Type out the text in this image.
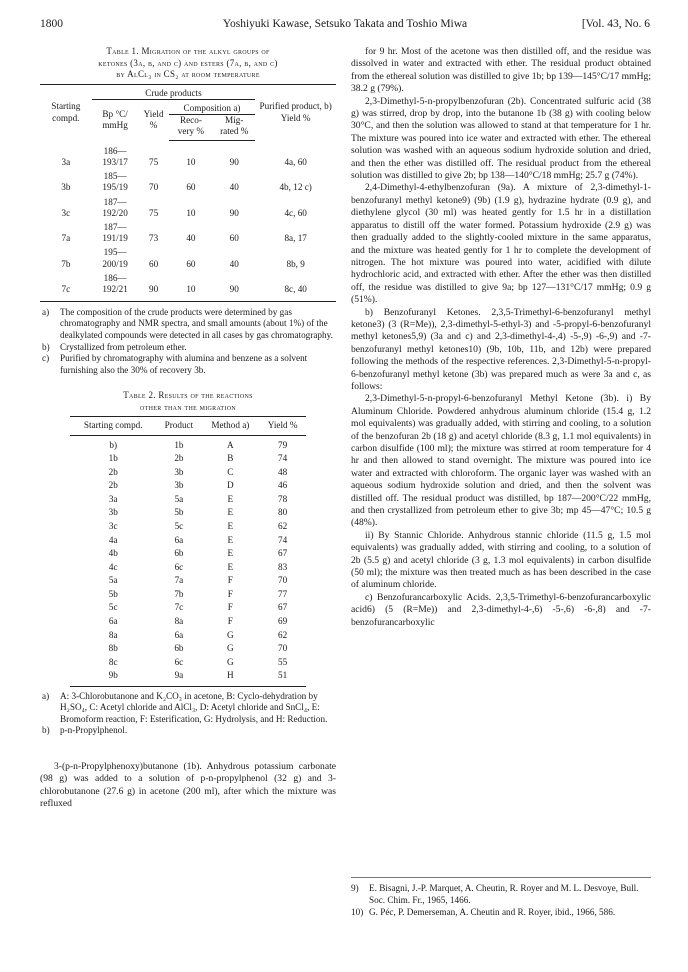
1800	Yoshiyuki Kawase, Setsuko Takata and Toshio Miwa	[Vol. 43, No. 6
Table 1. Migration of the alkyl groups of
ketones (3a, b, and c) and esters (7a, b, and c)
by AlCl₃ in CS₂ at room temperature
Starting compd.	Crude products				Purified product, b) Yield %
	Bp °C/ mmHg	Yield %	Composition a)		
			Reco- very %	Mig- rated %	
3a	186—193/17	75	10	90	4a, 60
3b	185—195/19	70	60	40	4b, 12 c)
3c	187—192/20	75	10	90	4c, 60
7a	187—191/19	73	40	60	8a, 17
7b	195—200/19	60	60	40	8b, 9
7c	186—192/21	90	10	90	8c, 40
a) The composition of the crude products were determined by gas chromatography and NMR spectra, and small amounts (about 1%) of the dealkylated compounds were detected in all cases by gas chromatography.
b) Crystallized from petroleum ether.
c) Purified by chromatography with alumina and benzene as a solvent furnishing also the 30% of recovery 3b.
Table 2. Results of the reactions
other than the migration
Starting compd.	Product	Method a)	Yield %
b)	1b	A	79
1b	2b	B	74
2b	3b	C	48
2b	3b	D	46
3a	5a	E	78
3b	5b	E	80
3c	5c	E	62
4a	6a	E	74
4b	6b	E	67
4c	6c	E	83
5a	7a	F	70
5b	7b	F	77
5c	7c	F	67
6a	8a	F	69
8a	6a	G	62
8b	6b	G	70
8c	6c	G	55
9b	9a	H	51
a) A: 3-Chlorobutanone and K₂CO₃ in acetone, B: Cyclo-dehydration by H₂SO₄, C: Acetyl chloride and AlCl₃, D: Acetyl chloride and SnCl₄, E: Bromoform reaction, F: Esterification, G: Hydrolysis, and H: Reduction.
b) p-n-Propylphenol.

3-(p-n-Propylphenoxy)butanone (1b). Anhydrous potassium carbonate (98 g) was added to a solution of p-n-propylphenol (32 g) and 3-chlorobutanone (27.6 g) in acetone (200 ml), after which the mixture was refluxed

for 9 hr. Most of the acetone was then distilled off, and the residue was dissolved in water and extracted with ether. The residual product obtained from the ethereal solution was distilled to give 1b; bp 139—145°C/17 mmHg; 38.2 g (79%).

2,3-Dimethyl-5-n-propylbenzofuran (2b). Concentrated sulfuric acid (38 g) was stirred, drop by drop, into the butanone 1b (38 g) with cooling below 30°C, and then the solution was allowed to stand at that temperature for 1 hr. The mixture was poured into ice water and extracted with ether. The ethereal solution was washed with an aqueous sodium hydroxide solution and dried, and then the ether was distilled off. The residual product from the ethereal solution was distilled to give 2b; bp 138—140°C/18 mmHg; 25.7 g (74%).

2,4-Dimethyl-4-ethylbenzofuran (9a). A mixture of 2,3-dimethyl-1-benzofuranyl methyl ketone9) (9b) (1.9 g), hydrazine hydrate (0.9 g), and diethylene glycol (30 ml) was heated gently for 1.5 hr in a distillation apparatus to distill off the water formed. Potassium hydroxide (2.9 g) was then gradually added to the slightly-cooled mixture in the same apparatus, and the mixture was heated gently for 1 hr to complete the development of nitrogen. The hot mixture was poured into water, acidified with dilute hydrochloric acid, and extracted with ether. After the ether was then distilled off, the residue was distilled to give 9a; bp 127—131°C/17 mmHg; 0.9 g (51%).

b) Benzofuranyl Ketones. 2,3,5-Trimethyl-6-benzofuranyl methyl ketone3) (3 (R=Me)), 2,3-dimethyl-5-ethyl-3) and -5-propyl-6-benzofuranyl methyl ketones5,9) (3a and c) and 2,3-dimethyl-4-,4) -5-,9) -6-,9) and -7-benzofuranyl methyl ketones10) (9b, 10b, 11b, and 12b) were prepared following the methods of the respective references. 2,3-Dimethyl-5-n-propyl-6-benzofuranyl methyl ketone (3b) was prepared much as were 3a and c, as follows:

2,3-Dimethyl-5-n-propyl-6-benzofuranyl Methyl Ketone (3b). i) By Aluminum Chloride. Powdered anhydrous aluminum chloride (15.4 g, 1.2 mol equivalents) was gradually added, with stirring and cooling, to a solution of the benzofuran 2b (18 g) and acetyl chloride (8.3 g, 1.1 mol equivalents) in carbon disulfide (100 ml); the mixture was stirred at room temperature for 4 hr and then allowed to stand overnight. The mixture was poured into ice water and extracted with chloroform. The organic layer was washed with an aqueous sodium hydroxide solution and dried, and then the solvent was distilled off. The residual product was distilled, bp 187—200°C/22 mmHg, and then crystallized from petroleum ether to give 3b; mp 45—47°C; 10.5 g (48%).

ii) By Stannic Chloride. Anhydrous stannic chloride (11.5 g, 1.5 mol equivalents) was gradually added, with stirring and cooling, to a solution of 2b (5.5 g) and acetyl chloride (3 g, 1.3 mol equivalents) in carbon disulfide (50 ml); the mixture was then treated much as has been described in the case of aluminum chloride.

c) Benzofurancarboxylic Acids. 2,3,5-Trimethyl-6-benzofurancarboxylic acid6) (5 (R=Me)) and 2,3-dimethyl-4-,6) -5-,6) -6-,8) and -7-benzofurancarboxylic

9) E. Bisagni, J.-P. Marquet, A. Cheutin, R. Royer and M. L. Desvoye, Bull. Soc. Chim. Fr., 1965, 1466.
10) G. Péc, P. Demerseman, A. Cheutin and R. Royer, ibid., 1966, 586.
